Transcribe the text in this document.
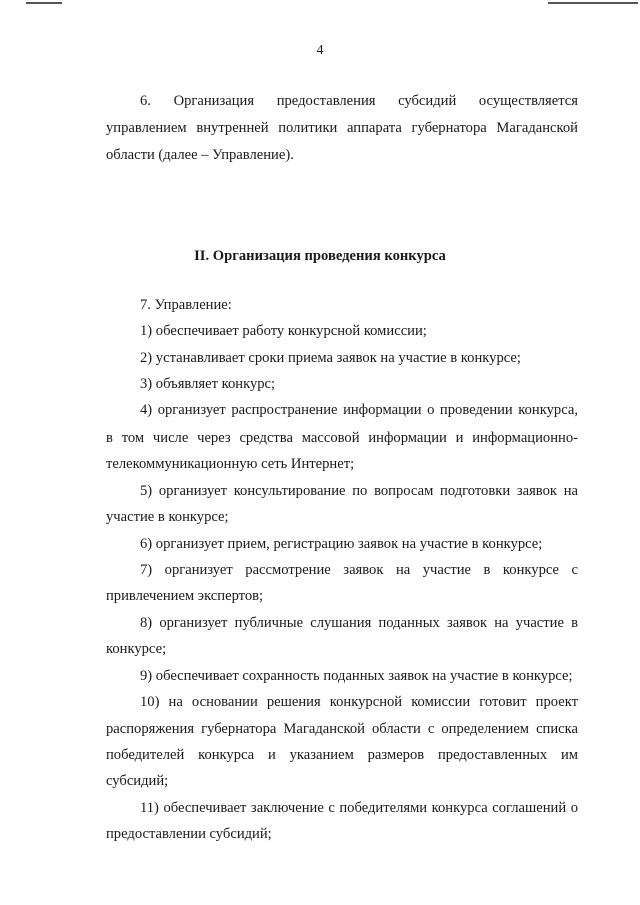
4
6. Организация предоставления субсидий осуществляется
управлением внутренней политики аппарата губернатора Магаданской
области (далее – Управление).
II. Организация проведения конкурса
7. Управление:
1) обеспечивает работу конкурсной комиссии;
2) устанавливает сроки приема заявок на участие в конкурсе;
3) объявляет конкурс;
4) организует распространение информации о проведении конкурса,
в том числе через средства массовой информации и информационно-
телекоммуникационную сеть Интернет;
5) организует консультирование по вопросам подготовки заявок на
участие в конкурсе;
6) организует прием, регистрацию заявок на участие в конкурсе;
7) организует рассмотрение заявок на участие в конкурсе с
привлечением экспертов;
8) организует публичные слушания поданных заявок на участие в
конкурсе;
9) обеспечивает сохранность поданных заявок на участие в конкурсе;
10) на основании решения конкурсной комиссии готовит проект
распоряжения губернатора Магаданской области с определением списка
победителей конкурса и указанием размеров предоставленных им
субсидий;
11) обеспечивает заключение с победителями конкурса соглашений о
предоставлении субсидий;
